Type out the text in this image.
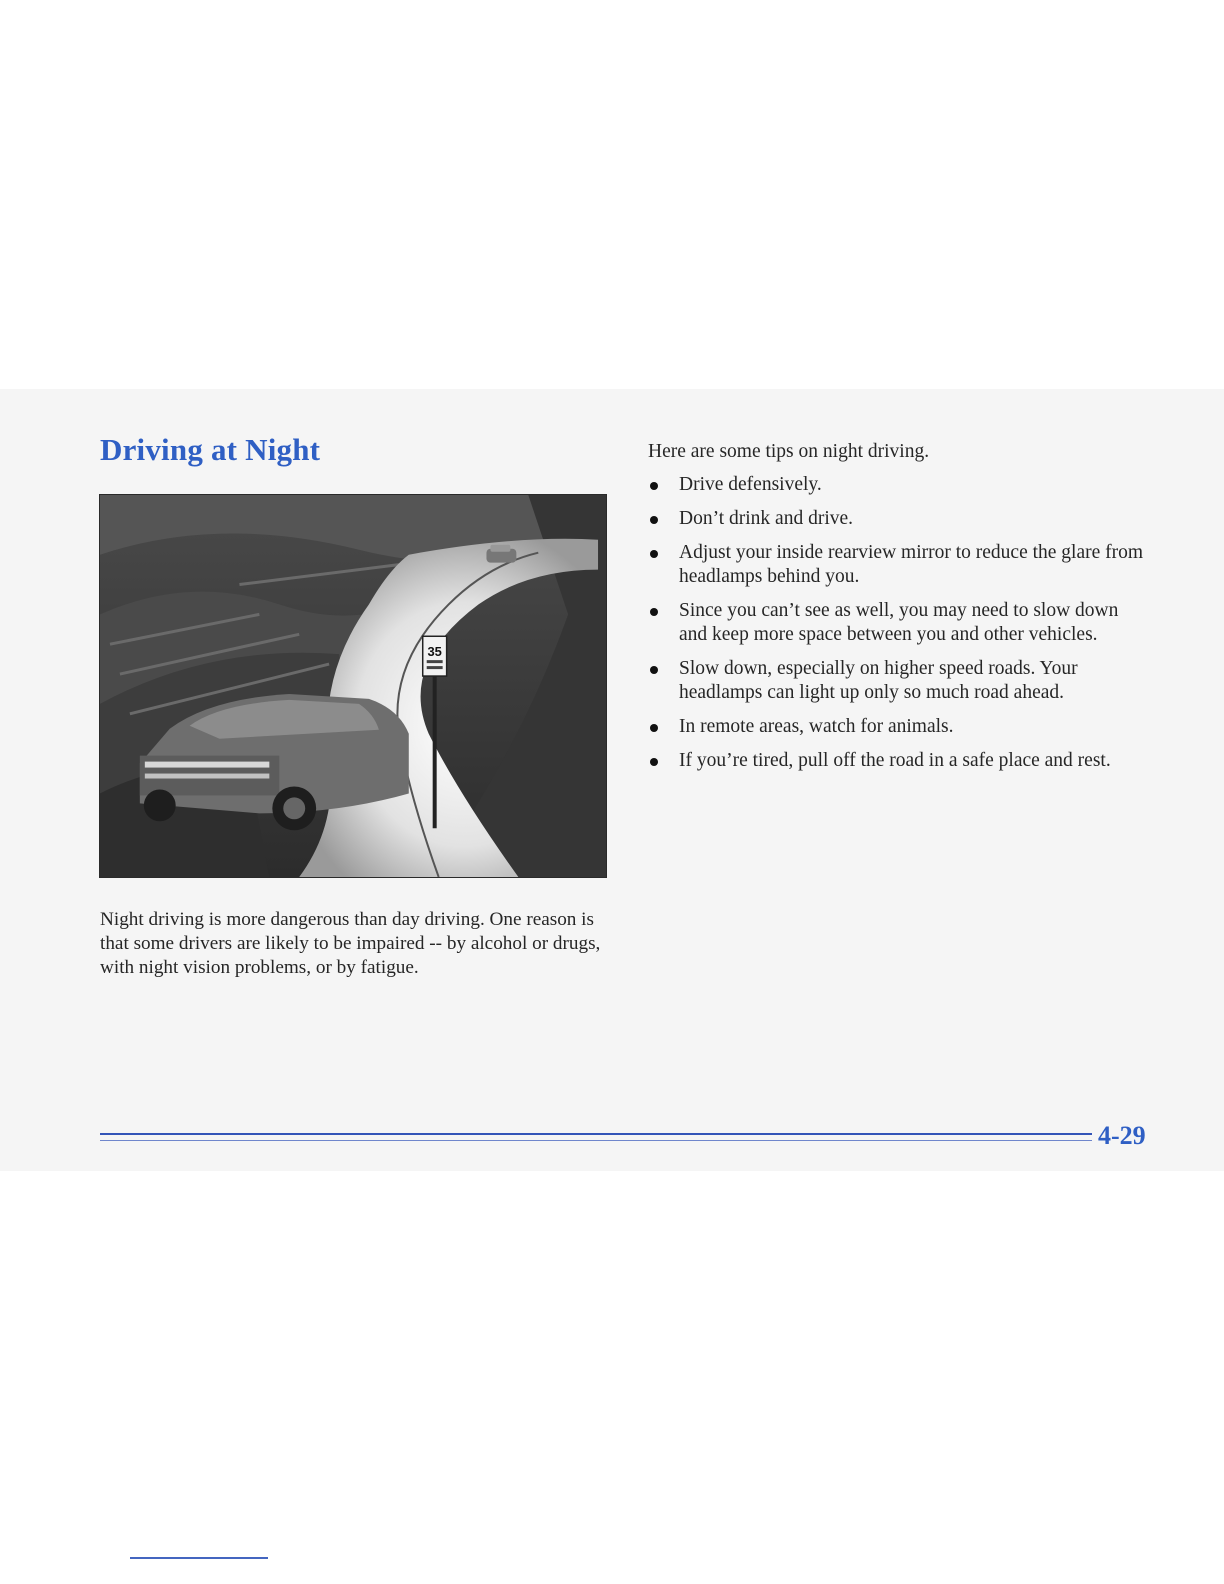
Driving at Night
35

Night driving is more dangerous than day driving. One reason is that some drivers are likely to be impaired -- by alcohol or drugs, with night vision problems, or by fatigue.

Here are some tips on night driving.

Drive defensively.
Don’t drink and drive.
Adjust your inside rearview mirror to reduce the glare from headlamps behind you.
Since you can’t see as well, you may need to slow down and keep more space between you and other vehicles.
Slow down, especially on higher speed roads. Your headlamps can light up only so much road ahead.
In remote areas, watch for animals.
If you’re tired, pull off the road in a safe place and rest.

4-29
